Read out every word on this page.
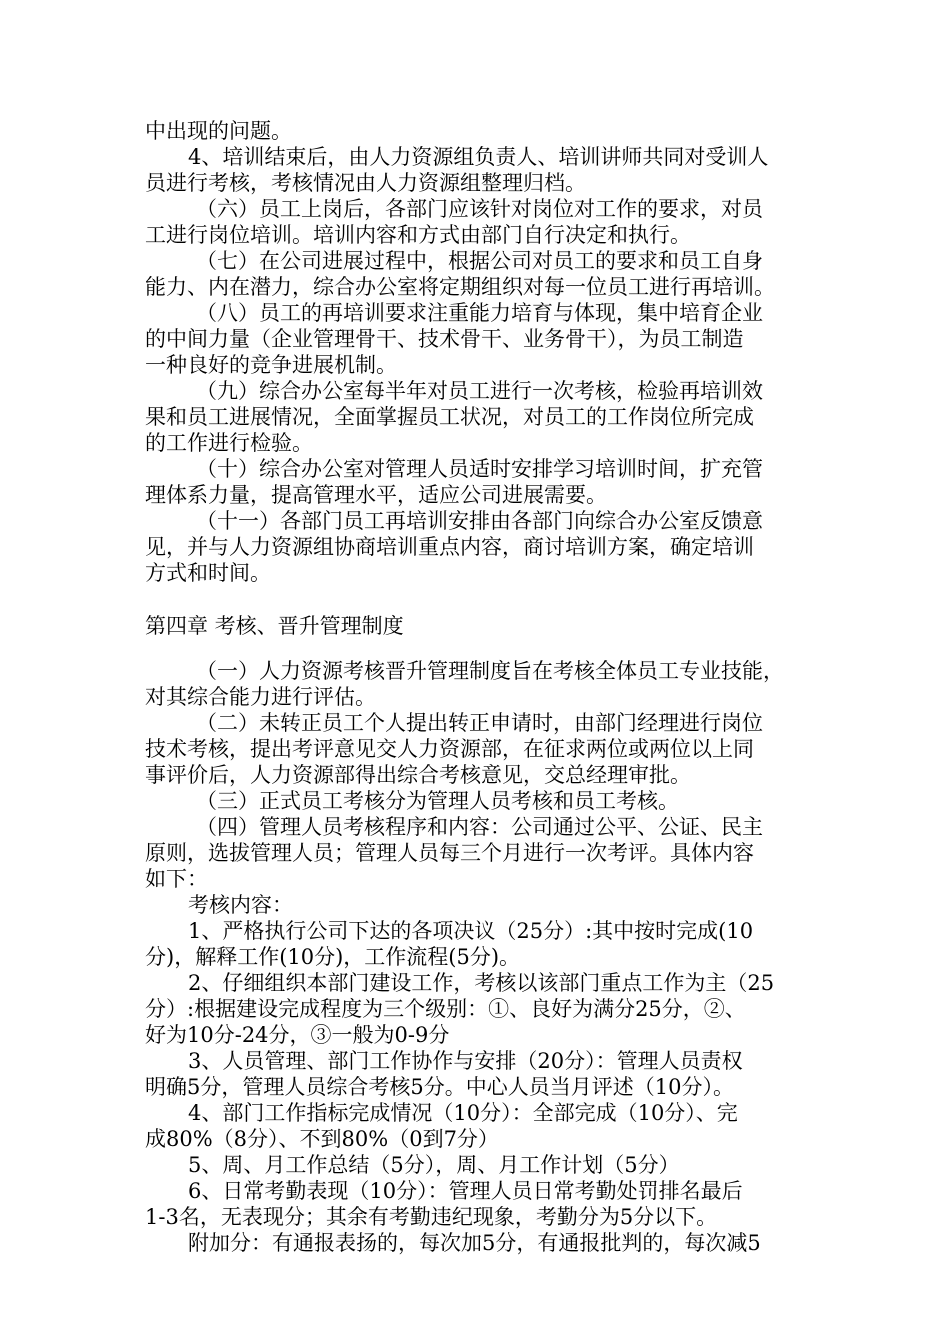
中出现的问题。
4、培训结束后，由人力资源组负责人、培训讲师共同对受训人
员进行考核，考核情况由人力资源组整理归档。
（六）员工上岗后，各部门应该针对岗位对工作的要求，对员
工进行岗位培训。培训内容和方式由部门自行决定和执行。
（七）在公司进展过程中，根据公司对员工的要求和员工自身
能力、内在潜力，综合办公室将定期组织对每一位员工进行再培训。
（八）员工的再培训要求注重能力培育与体现，集中培育企业
的中间力量（企业管理骨干、技术骨干、业务骨干），为员工制造
一种良好的竞争进展机制。
（九）综合办公室每半年对员工进行一次考核，检验再培训效
果和员工进展情况，全面掌握员工状况，对员工的工作岗位所完成
的工作进行检验。
（十）综合办公室对管理人员适时安排学习培训时间，扩充管
理体系力量，提高管理水平，适应公司进展需要。
（十一）各部门员工再培训安排由各部门向综合办公室反馈意
见，并与人力资源组协商培训重点内容，商讨培训方案，确定培训
方式和时间。
第四章 考核、晋升管理制度
（一）人力资源考核晋升管理制度旨在考核全体员工专业技能，
对其综合能力进行评估。
（二）未转正员工个人提出转正申请时，由部门经理进行岗位
技术考核，提出考评意见交人力资源部，在征求两位或两位以上同
事评价后，人力资源部得出综合考核意见，交总经理审批。
（三）正式员工考核分为管理人员考核和员工考核。
（四）管理人员考核程序和内容：公司通过公平、公证、民主
原则，选拔管理人员；管理人员每三个月进行一次考评。具体内容
如下：
考核内容：
1、严格执行公司下达的各项决议（25分）:其中按时完成(10
分)，解释工作(10分)，工作流程(5分)。
2、仔细组织本部门建设工作，考核以该部门重点工作为主（25
分）:根据建设完成程度为三个级别：①、良好为满分25分，②、
好为10分-24分，③一般为0-9分
3、人员管理、部门工作协作与安排（20分）：管理人员责权
明确5分，管理人员综合考核5分。中心人员当月评述（10分）。
4、部门工作指标完成情况（10分）：全部完成（10分）、完
成80%（8分）、不到80%（0到7分）
5、周、月工作总结（5分），周、月工作计划（5分）
6、日常考勤表现（10分）：管理人员日常考勤处罚排名最后
1-3名，无表现分；其余有考勤违纪现象，考勤分为5分以下。
附加分：有通报表扬的，每次加5分，有通报批判的，每次减5
